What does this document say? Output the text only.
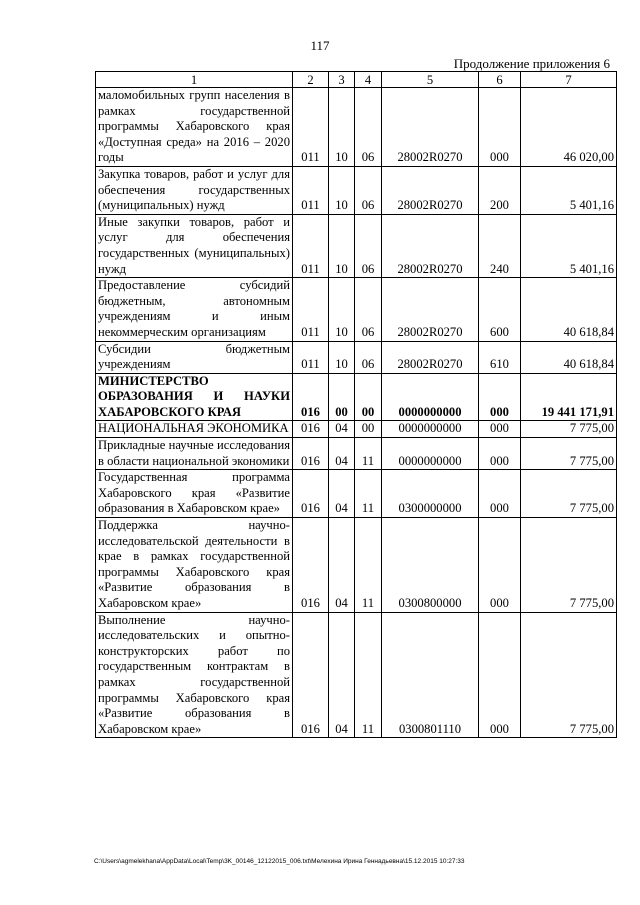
117
Продолжение приложения 6
1	2	3	4	5	6	7
маломобильных групп населения в рамках государственной программы Хабаровского края «Доступная среда» на 2016 – 2020 годы	011	10	06	28002R0270	000	46 020,00
Закупка товаров, работ и услуг для обеспечения государственных (муниципальных) нужд	011	10	06	28002R0270	200	5 401,16
Иные закупки товаров, работ и услуг для обеспечения государственных (муниципальных) нужд	011	10	06	28002R0270	240	5 401,16
Предоставление субсидий бюджетным, автономным учреждениям и иным некоммерческим организациям	011	10	06	28002R0270	600	40 618,84
Субсидии бюджетным учреждениям	011	10	06	28002R0270	610	40 618,84
МИНИСТЕРСТВО ОБРАЗОВАНИЯ И НАУКИ ХАБАРОВСКОГО КРАЯ	016	00	00	0000000000	000	19 441 171,91
НАЦИОНАЛЬНАЯ ЭКОНОМИКА	016	04	00	0000000000	000	7 775,00
Прикладные научные исследования в области национальной экономики	016	04	11	0000000000	000	7 775,00
Государственная программа Хабаровского края «Развитие образования в Хабаровском крае»	016	04	11	0300000000	000	7 775,00
Поддержка научно-исследовательской деятельности в крае в рамках государственной программы Хабаровского края «Развитие образования в Хабаровском крае»	016	04	11	0300800000	000	7 775,00
Выполнение научно-исследовательских и опытно-конструкторских работ по государственным контрактам в рамках государственной программы Хабаровского края «Развитие образования в Хабаровском крае»	016	04	11	0300801110	000	7 775,00
C:\Users\agmelekhana\AppData\Local\Temp\3K_00146_12122015_006.txt\Мелехина Ирина Геннадьевна\15.12.2015 10:27:33
